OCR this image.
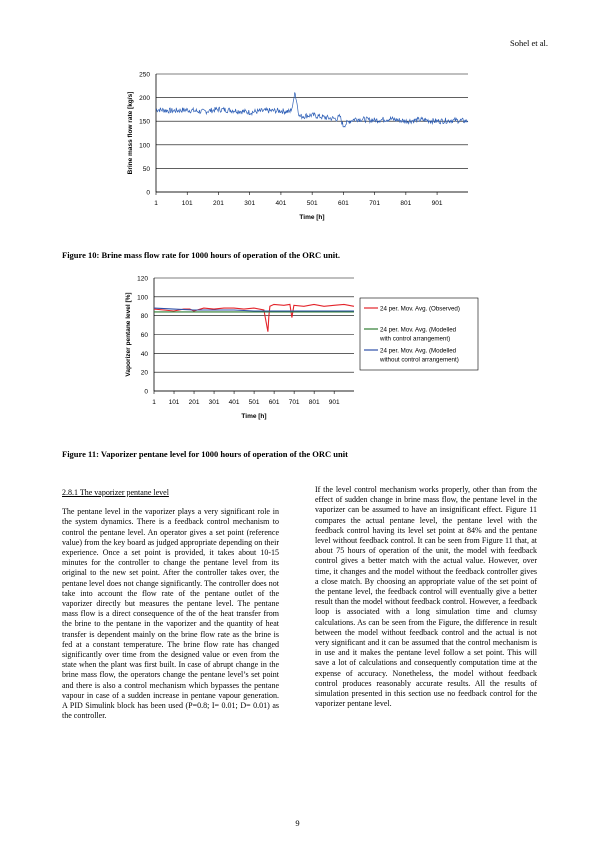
Sohel et al.
0
50
100
150
200
250
1	101	201	301	401	501	601	701	801	901
Time [h]
Brine mass flow rate [kg/s]
Figure 10: Brine mass flow rate for 1000 hours of operation of the ORC unit.
0
20
40
60
80
100
120
1 101 201 301 401 501 601 701 801 901
Time [h]
Vaporizer pentane level [%]	24 per. Mov. Avg. (Observed)
24 per. Mov. Avg. (Modelled
with control arrangement)
24 per. Mov. Avg. (Modelled
without control arrangement)
Figure 11: Vaporizer pentane level for 1000 hours of operation of the ORC unit
2.8.1 The vaporizer pentane level

The pentane level in the vaporizer plays a very significant role in the system dynamics. There is a feedback control mechanism to control the pentane level. An operator gives a set point (reference value) from the key board as judged appropriate depending on their experience. Once a set point is provided, it takes about 10-15 minutes for the controller to change the pentane level from its original to the new set point. After the controller takes over, the pentane level does not change significantly. The controller does not take into account the flow rate of the pentane outlet of the vaporizer directly but measures the pentane level. The pentane mass flow is a direct consequence of the of the heat transfer from the brine to the pentane in the vaporizer and the quantity of heat transfer is dependent mainly on the brine flow rate as the brine is fed at a constant temperature. The brine flow rate has changed significantly over time from the designed value or even from the state when the plant was first built. In case of abrupt change in the brine mass flow, the operators change the pentane level’s set point and there is also a control mechanism which bypasses the pentane vapour in case of a sudden increase in pentane vapour generation. A PID Simulink block has been used (P=0.8; I= 0.01; D= 0.01) as the controller.

If the level control mechanism works properly, other than from the effect of sudden change in brine mass flow, the pentane level in the vaporizer can be assumed to have an insignificant effect. Figure 11 compares the actual pentane level, the pentane level with the feedback control having its level set point at 84% and the pentane level without feedback control. It can be seen from Figure 11 that, at about 75 hours of operation of the unit, the model with feedback control gives a better match with the actual value. However, over time, it changes and the model without the feedback controller gives a close match. By choosing an appropriate value of the set point of the pentane level, the feedback control will eventually give a better result than the model without feedback control. However, a feedback loop is associated with a long simulation time and clumsy calculations. As can be seen from the Figure, the difference in result between the model without feedback control and the actual is not very significant and it can be assumed that the control mechanism is in use and it makes the pentane level follow a set point. This will save a lot of calculations and consequently computation time at the expense of accuracy. Nonetheless, the model without feedback control produces reasonably accurate results. All the results of simulation presented in this section use no feedback control for the vaporizer pentane level.

9
